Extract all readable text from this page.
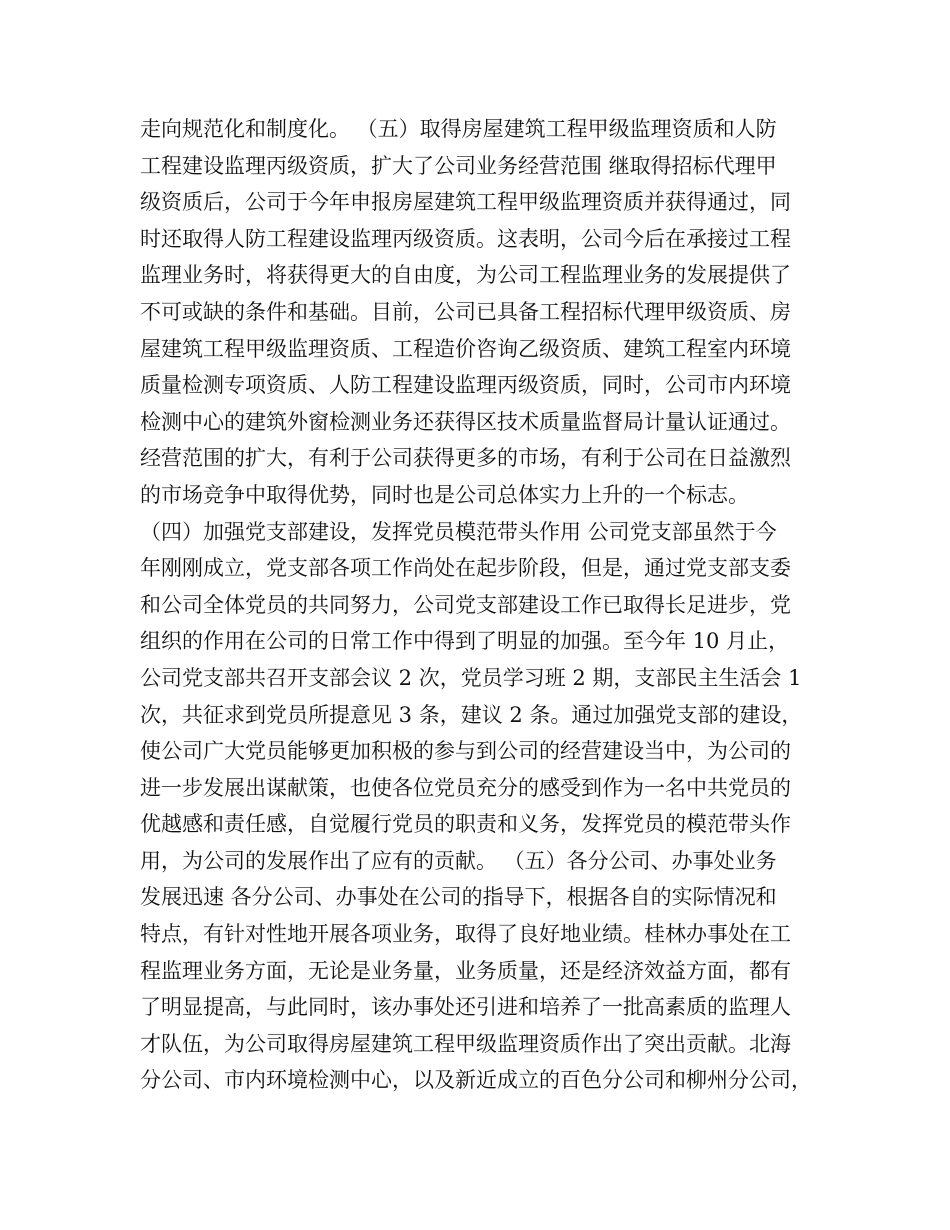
走向规范化和制度化。 （五）取得房屋建筑工程甲级监理资质和人防
工程建设监理丙级资质，扩大了公司业务经营范围 继取得招标代理甲
级资质后，公司于今年申报房屋建筑工程甲级监理资质并获得通过，同
时还取得人防工程建设监理丙级资质。这表明，公司今后在承接过工程
监理业务时，将获得更大的自由度，为公司工程监理业务的发展提供了
不可或缺的条件和基础。目前，公司已具备工程招标代理甲级资质、房
屋建筑工程甲级监理资质、工程造价咨询乙级资质、建筑工程室内环境
质量检测专项资质、人防工程建设监理丙级资质，同时，公司市内环境
检测中心的建筑外窗检测业务还获得区技术质量监督局计量认证通过。
经营范围的扩大，有利于公司获得更多的市场，有利于公司在日益激烈
的市场竞争中取得优势，同时也是公司总体实力上升的一个标志。
（四）加强党支部建设，发挥党员模范带头作用 公司党支部虽然于今
年刚刚成立，党支部各项工作尚处在起步阶段，但是，通过党支部支委
和公司全体党员的共同努力，公司党支部建设工作已取得长足进步，党
组织的作用在公司的日常工作中得到了明显的加强。至今年 10 月止，
公司党支部共召开支部会议 2 次，党员学习班 2 期，支部民主生活会 1
次，共征求到党员所提意见 3 条，建议 2 条。通过加强党支部的建设，
使公司广大党员能够更加积极的参与到公司的经营建设当中，为公司的
进一步发展出谋献策，也使各位党员充分的感受到作为一名中共党员的
优越感和责任感，自觉履行党员的职责和义务，发挥党员的模范带头作
用，为公司的发展作出了应有的贡献。 （五）各分公司、办事处业务
发展迅速 各分公司、办事处在公司的指导下，根据各自的实际情况和
特点，有针对性地开展各项业务，取得了良好地业绩。桂林办事处在工
程监理业务方面，无论是业务量，业务质量，还是经济效益方面，都有
了明显提高，与此同时，该办事处还引进和培养了一批高素质的监理人
才队伍，为公司取得房屋建筑工程甲级监理资质作出了突出贡献。北海
分公司、市内环境检测中心，以及新近成立的百色分公司和柳州分公司，
